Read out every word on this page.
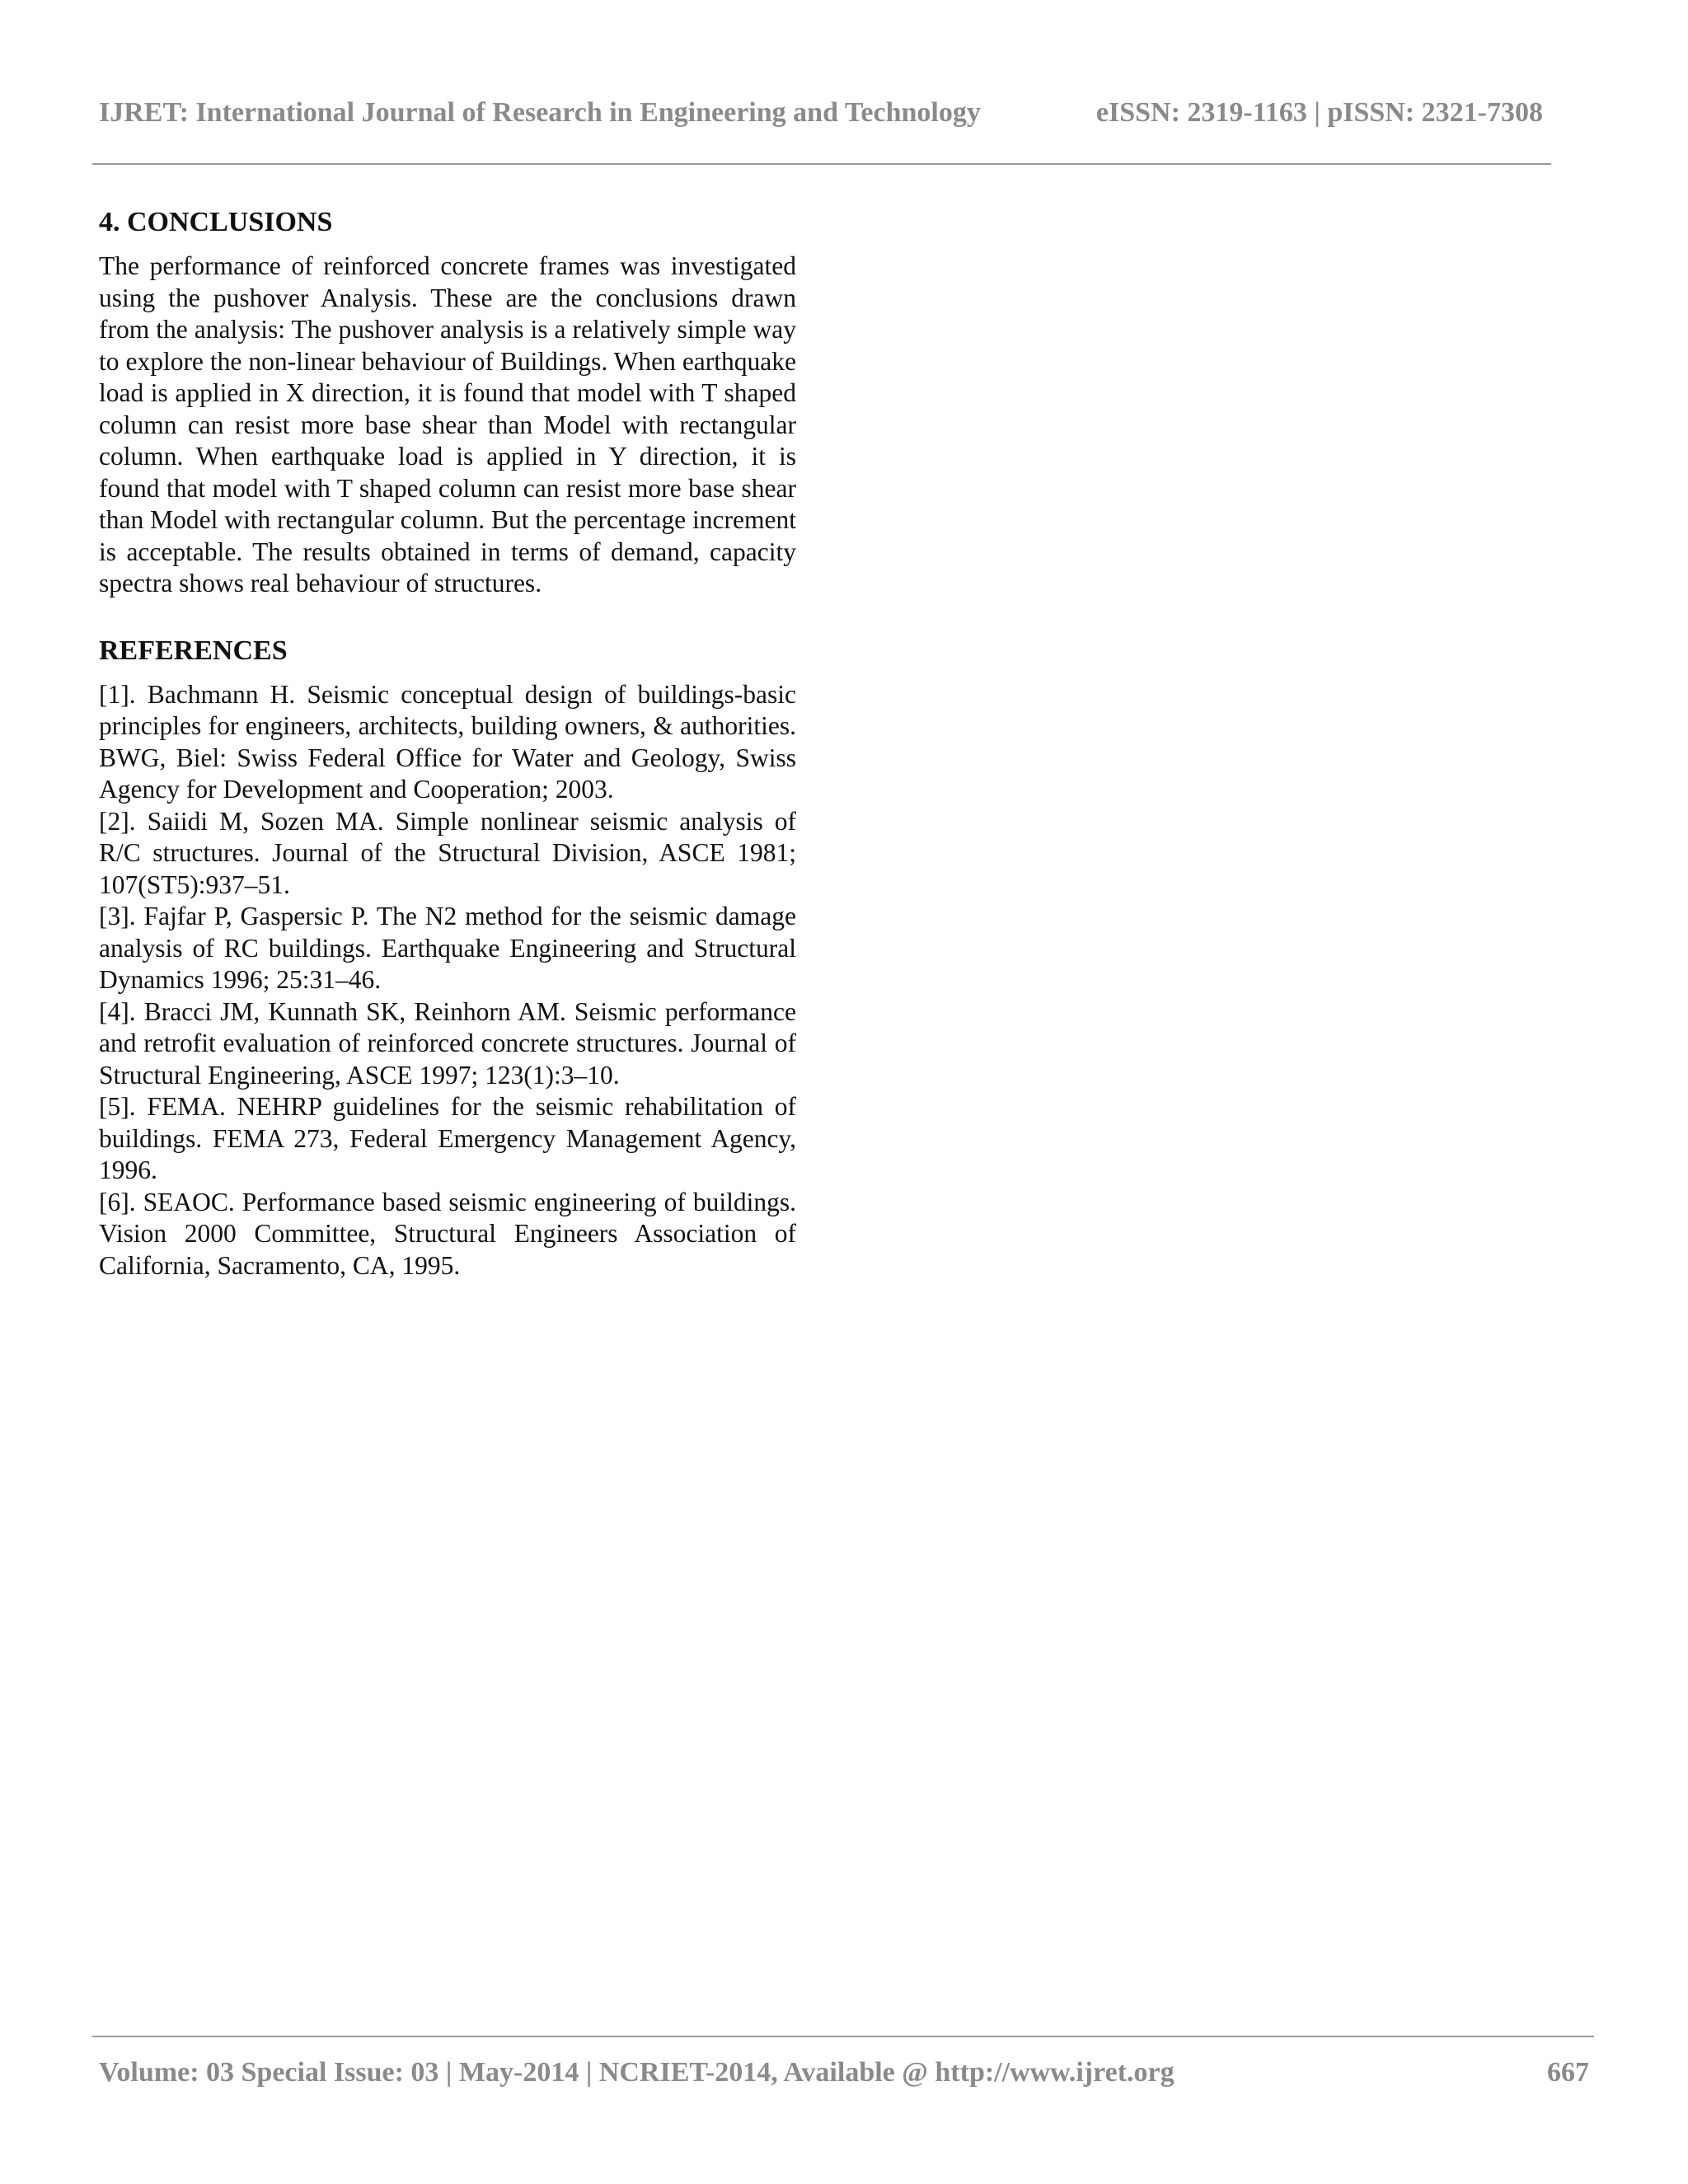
IJRET: International Journal of Research in Engineering and Technology	eISSN: 2319-1163 | pISSN: 2321-7308
4. CONCLUSIONS

The performance of reinforced concrete frames was investigated using the pushover Analysis. These are the conclusions drawn from the analysis: The pushover analysis is a relatively simple way to explore the non-linear behaviour of Buildings. When earthquake load is applied in X direction, it is found that model with T shaped column can resist more base shear than Model with rectangular column. When earthquake load is applied in Y direction, it is found that model with T shaped column can resist more base shear than Model with rectangular column. But the percentage increment is acceptable. The results obtained in terms of demand, capacity spectra shows real behaviour of structures.

REFERENCES

[1]. Bachmann H. Seismic conceptual design of buildings-basic principles for engineers, architects, building owners, & authorities. BWG, Biel: Swiss Federal Office for Water and Geology, Swiss Agency for Development and Cooperation; 2003.

[2]. Saiidi M, Sozen MA. Simple nonlinear seismic analysis of R/C structures. Journal of the Structural Division, ASCE 1981; 107(ST5):937–51.

[3]. Fajfar P, Gaspersic P. The N2 method for the seismic damage analysis of RC buildings. Earthquake Engineering and Structural Dynamics 1996; 25:31–46.

[4]. Bracci JM, Kunnath SK, Reinhorn AM. Seismic performance and retrofit evaluation of reinforced concrete structures. Journal of Structural Engineering, ASCE 1997; 123(1):3–10.

[5]. FEMA. NEHRP guidelines for the seismic rehabilitation of buildings. FEMA 273, Federal Emergency Management Agency, 1996.

[6]. SEAOC. Performance based seismic engineering of buildings. Vision 2000 Committee, Structural Engineers Association of California, Sacramento, CA, 1995.

Volume: 03 Special Issue: 03 | May-2014 | NCRIET-2014, Available @ http://www.ijret.org	667
